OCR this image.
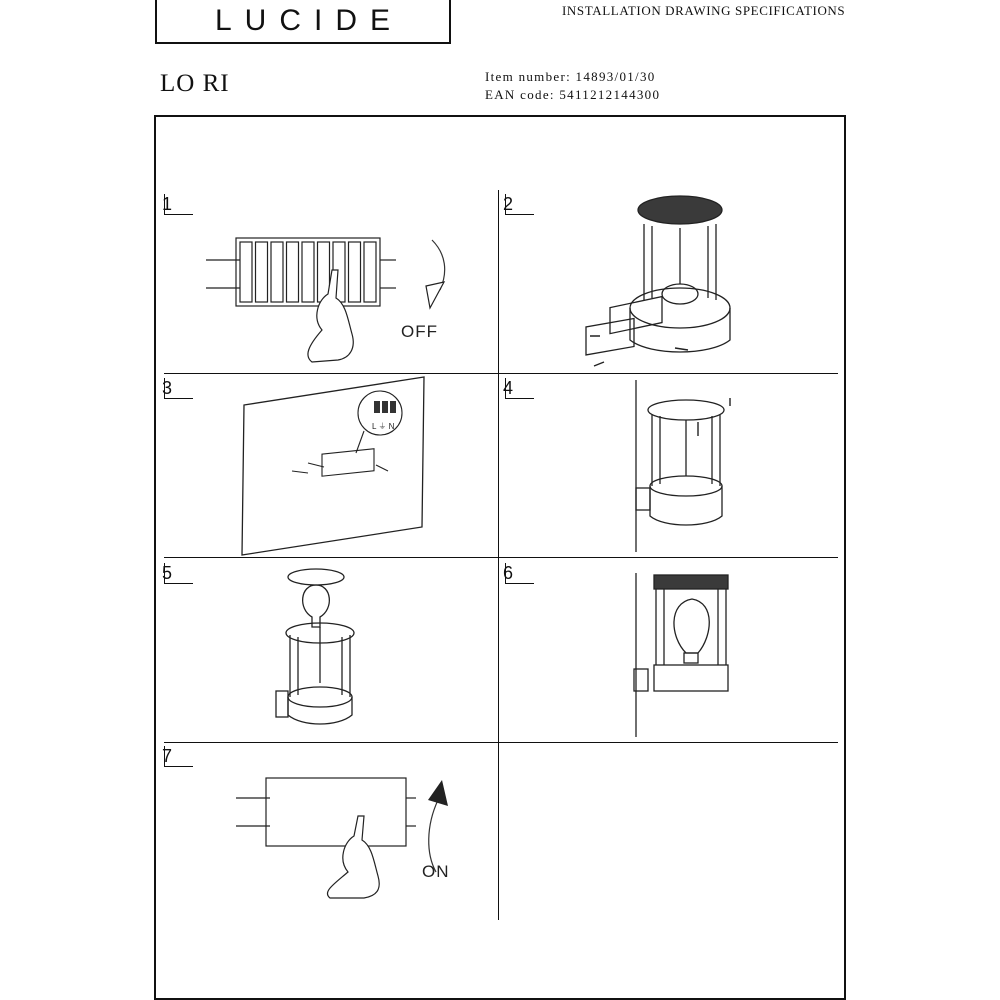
LUCIDE	INSTALLATION DRAWING SPECIFICATIONS
LO RI	Item number: 14893/01/30
EAN code: 5411212144300
1	2
3	4
5	6
7
OFF
L ⏚ N
ON
